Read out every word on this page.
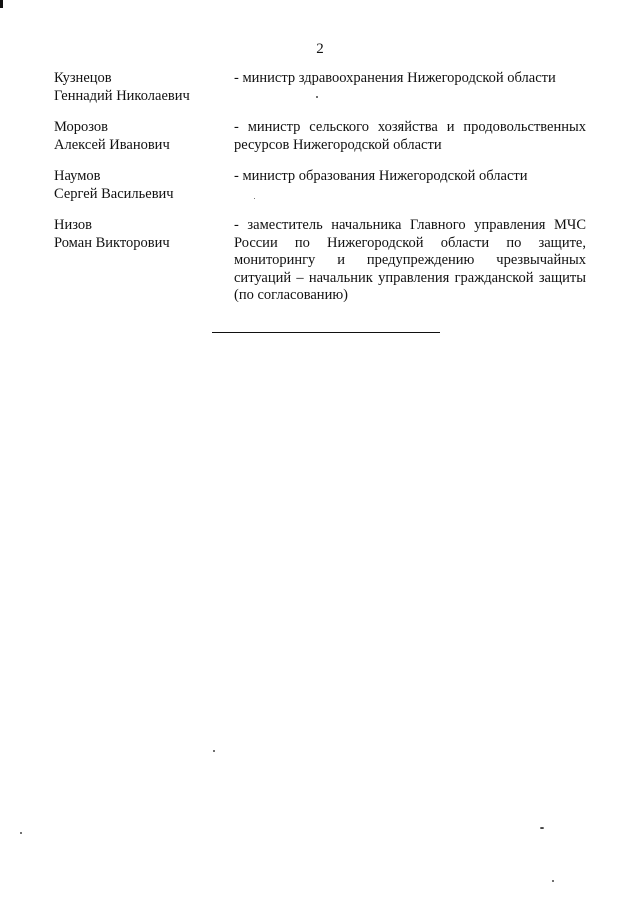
2
Кузнецов
Геннадий Николаевич
- министр здравоохранения Нижегородской области
Морозов
Алексей Иванович
- министр сельского хозяйства и продовольственных ресурсов Нижегородской области
Наумов
Сергей Васильевич
- министр образования Нижегородской области
Низов
Роман Викторович
- заместитель начальника Главного управления МЧС России по Нижегородской области по защите, мониторингу и предупреждению чрезвычайных ситуаций – начальник управления гражданской защиты (по согласованию)
